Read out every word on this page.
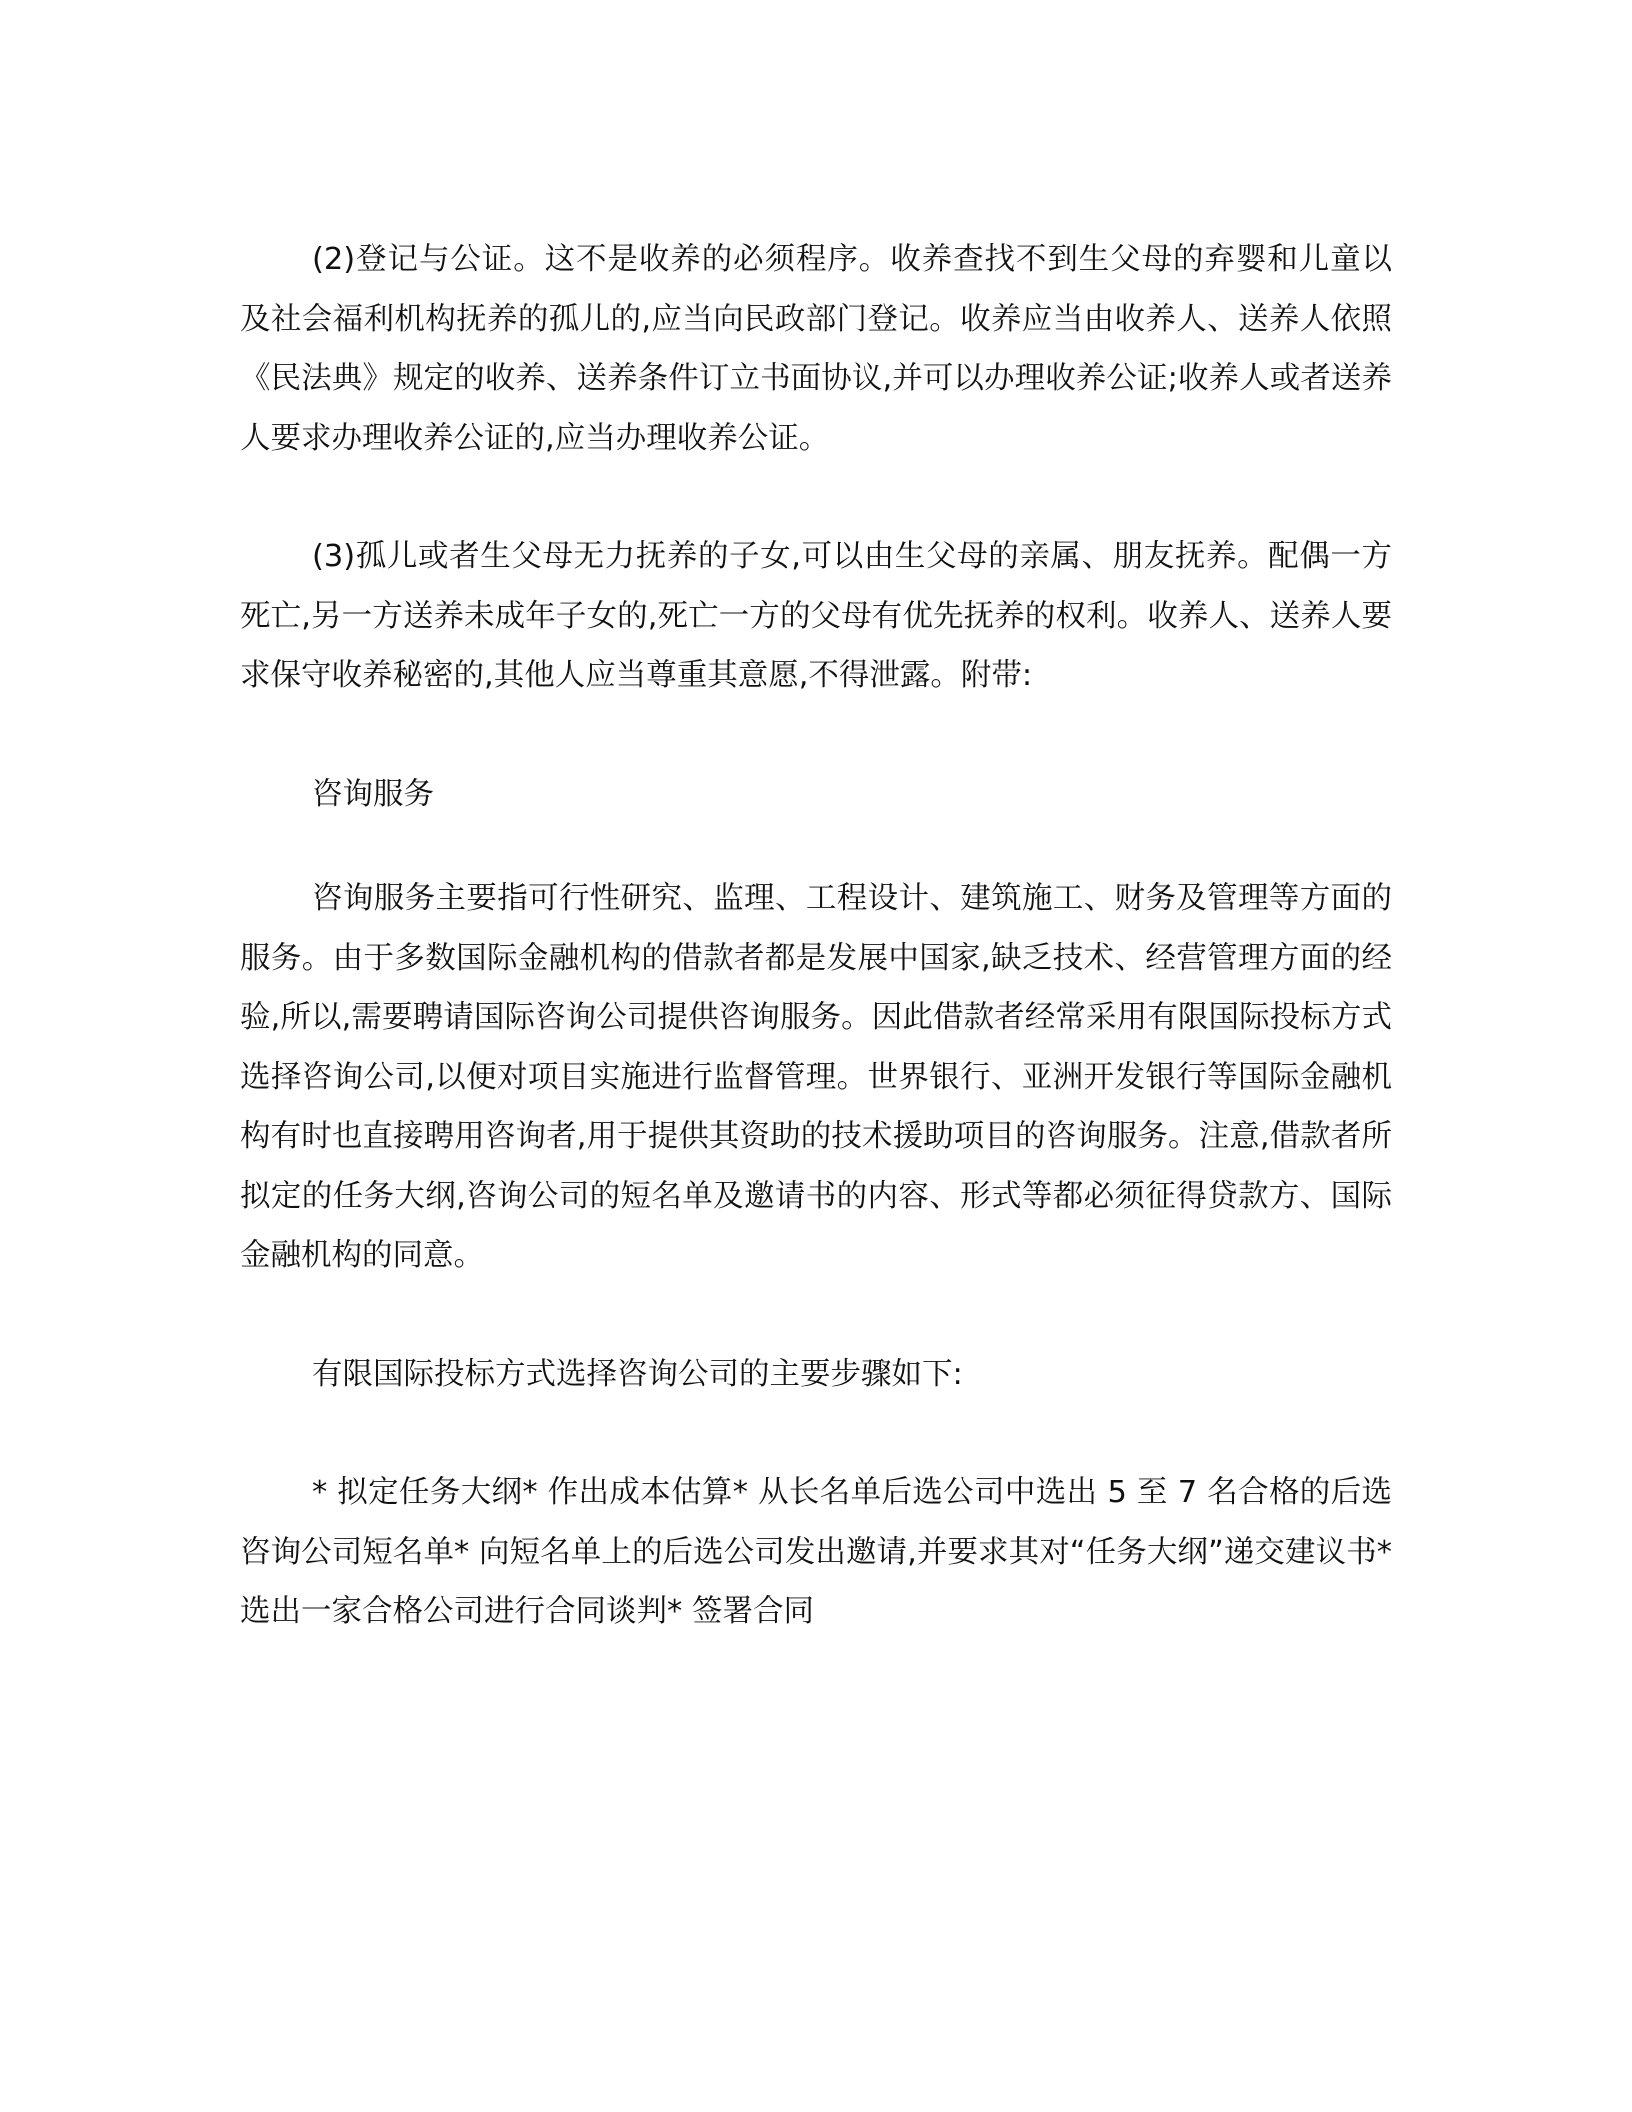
(2)登记与公证。这不是收养的必须程序。收养查找不到生父母的弃婴和儿童以及社会福利机构抚养的孤儿的,应当向民政部门登记。收养应当由收养人、送养人依照《民法典》规定的收养、送养条件订立书面协议,并可以办理收养公证;收养人或者送养人要求办理收养公证的,应当办理收养公证。

(3)孤儿或者生父母无力抚养的子女,可以由生父母的亲属、朋友抚养。配偶一方死亡,另一方送养未成年子女的,死亡一方的父母有优先抚养的权利。收养人、送养人要求保守收养秘密的,其他人应当尊重其意愿,不得泄露。附带:

咨询服务

咨询服务主要指可行性研究、监理、工程设计、建筑施工、财务及管理等方面的服务。由于多数国际金融机构的借款者都是发展中国家,缺乏技术、经营管理方面的经验,所以,需要聘请国际咨询公司提供咨询服务。因此借款者经常采用有限国际投标方式选择咨询公司,以便对项目实施进行监督管理。世界银行、亚洲开发银行等国际金融机构有时也直接聘用咨询者,用于提供其资助的技术援助项目的咨询服务。注意,借款者所拟定的任务大纲,咨询公司的短名单及邀请书的内容、形式等都必须征得贷款方、国际金融机构的同意。

有限国际投标方式选择咨询公司的主要步骤如下:

* 拟定任务大纲* 作出成本估算* 从长名单后选公司中选出 5 至 7 名合格的后选咨询公司短名单* 向短名单上的后选公司发出邀请,并要求其对“任务大纲”递交建议书* 选出一家合格公司进行合同谈判* 签署合同
